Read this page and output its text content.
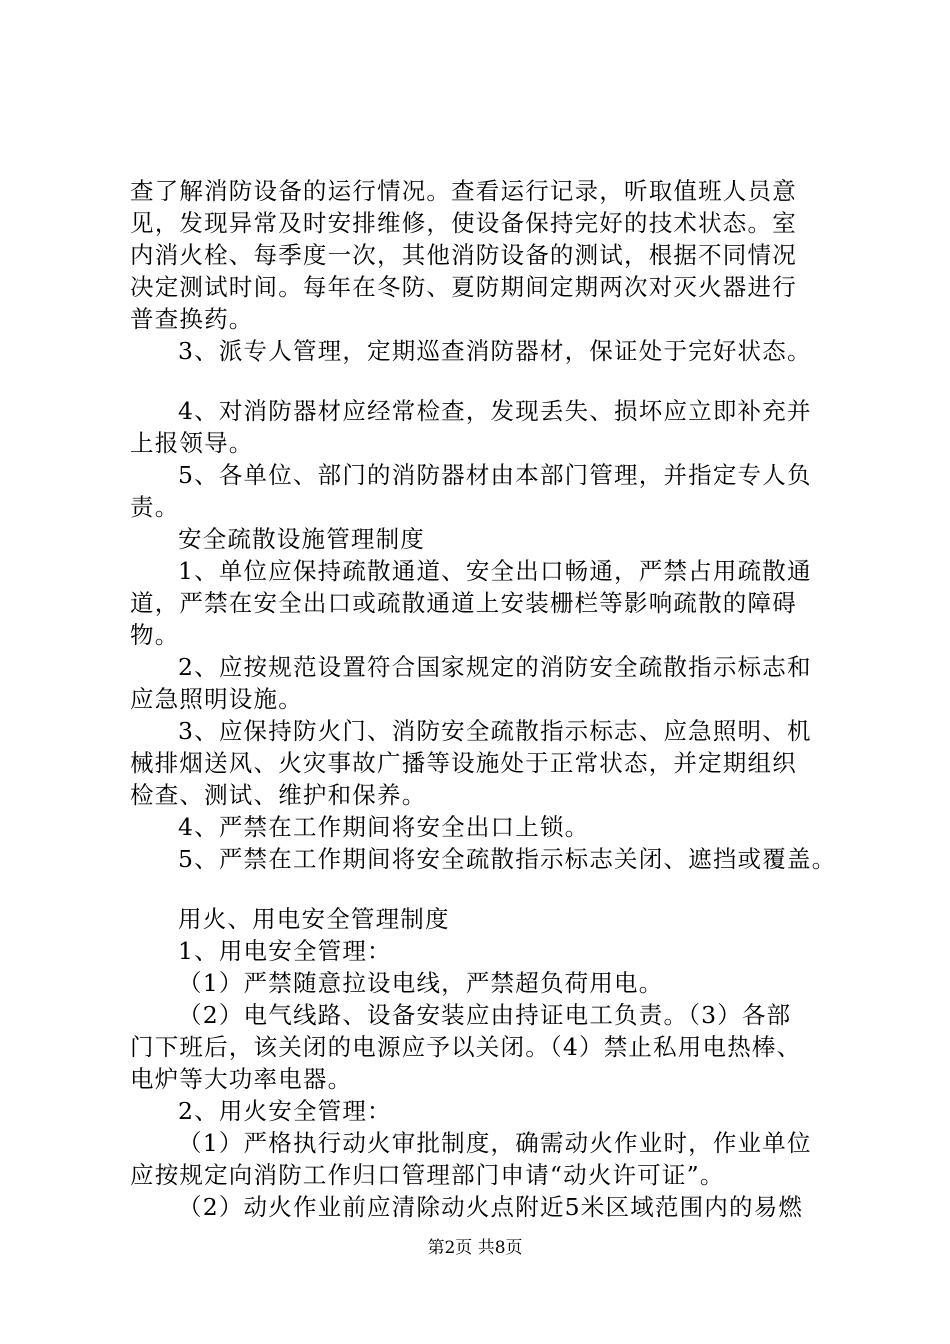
查了解消防设备的运行情况。查看运行记录，听取值班人员意
见，发现异常及时安排维修，使设备保持完好的技术状态。室
内消火栓、每季度一次，其他消防设备的测试，根据不同情况
决定测试时间。每年在冬防、夏防期间定期两次对灭火器进行
普查换药。
3、派专人管理，定期巡查消防器材，保证处于完好状态。
4、对消防器材应经常检查，发现丢失、损坏应立即补充并
上报领导。
5、各单位、部门的消防器材由本部门管理，并指定专人负
责。
安全疏散设施管理制度
1、单位应保持疏散通道、安全出口畅通，严禁占用疏散通
道，严禁在安全出口或疏散通道上安装栅栏等影响疏散的障碍
物。
2、应按规范设置符合国家规定的消防安全疏散指示标志和
应急照明设施。
3、应保持防火门、消防安全疏散指示标志、应急照明、机
械排烟送风、火灾事故广播等设施处于正常状态，并定期组织
检查、测试、维护和保养。
4、严禁在工作期间将安全出口上锁。
5、严禁在工作期间将安全疏散指示标志关闭、遮挡或覆盖。
用火、用电安全管理制度
1、用电安全管理：
（1）严禁随意拉设电线，严禁超负荷用电。
（2）电气线路、设备安装应由持证电工负责。（3）各部
门下班后，该关闭的电源应予以关闭。（4）禁止私用电热棒、
电炉等大功率电器。
2、用火安全管理：
（1）严格执行动火审批制度，确需动火作业时，作业单位
应按规定向消防工作归口管理部门申请“动火许可证”。
（2）动火作业前应清除动火点附近5米区域范围内的易燃
第2页 共8页
